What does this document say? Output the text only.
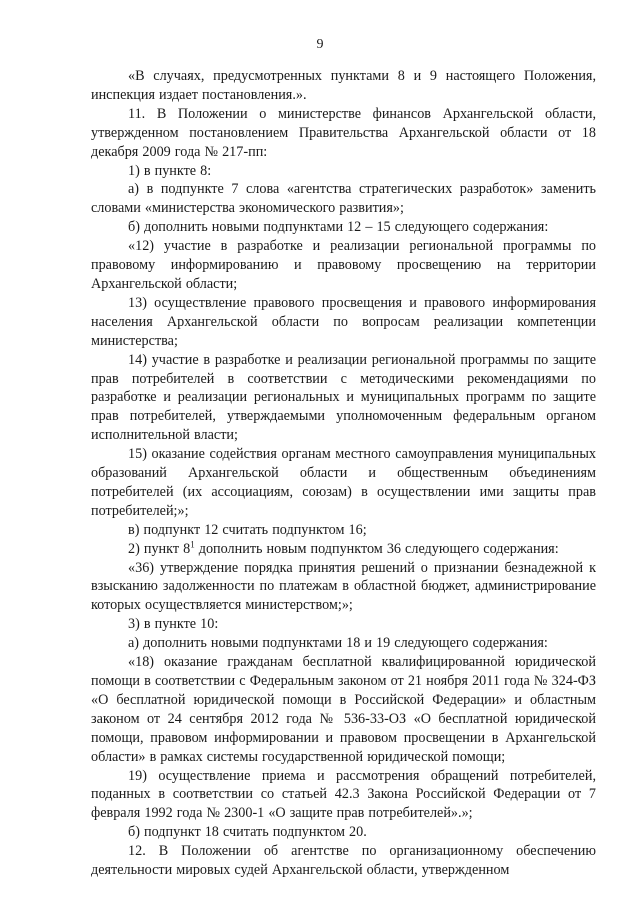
9

«В случаях, предусмотренных пунктами 8 и 9 настоящего Положения, инспекция издает постановления.».

11. В Положении о министерстве финансов Архангельской области, утвержденном постановлением Правительства Архангельской области от 18 декабря 2009 года № 217-пп:

1) в пункте 8:

а) в подпункте 7 слова «агентства стратегических разработок» заменить словами «министерства экономического развития»;

б) дополнить новыми подпунктами 12 – 15 следующего содержания:

«12) участие в разработке и реализации региональной программы по правовому информированию и правовому просвещению на территории Архангельской области;

13) осуществление правового просвещения и правового информирования населения Архангельской области по вопросам реализации компетенции министерства;

14) участие в разработке и реализации региональной программы по защите прав потребителей в соответствии с методическими рекомендациями по разработке и реализации региональных и муниципальных программ по защите прав потребителей, утверждаемыми уполномоченным федеральным органом исполнительной власти;

15) оказание содействия органам местного самоуправления муниципальных образований Архангельской области и общественным объединениям потребителей (их ассоциациям, союзам) в осуществлении ими защиты прав потребителей;»;

в) подпункт 12 считать подпунктом 16;

2) пункт $8^1$ дополнить новым подпунктом 36 следующего содержания:

«36) утверждение порядка принятия решений о признании безнадежной к взысканию задолженности по платежам в областной бюджет, администрирование которых осуществляется министерством;»;

3) в пункте 10:

а) дополнить новыми подпунктами 18 и 19 следующего содержания:

«18) оказание гражданам бесплатной квалифицированной юридической помощи в соответствии с Федеральным законом от 21 ноября 2011 года № 324-ФЗ «О бесплатной юридической помощи в Российской Федерации» и областным законом от 24 сентября 2012 года № 536-33-ОЗ «О бесплатной юридической помощи, правовом информировании и правовом просвещении в Архангельской области» в рамках системы государственной юридической помощи;

19) осуществление приема и рассмотрения обращений потребителей, поданных в соответствии со статьей 42.3 Закона Российской Федерации от 7 февраля 1992 года № 2300-1 «О защите прав потребителей».»;

б) подпункт 18 считать подпунктом 20.

12. В Положении об агентстве по организационному обеспечению деятельности мировых судей Архангельской области, утвержденном
